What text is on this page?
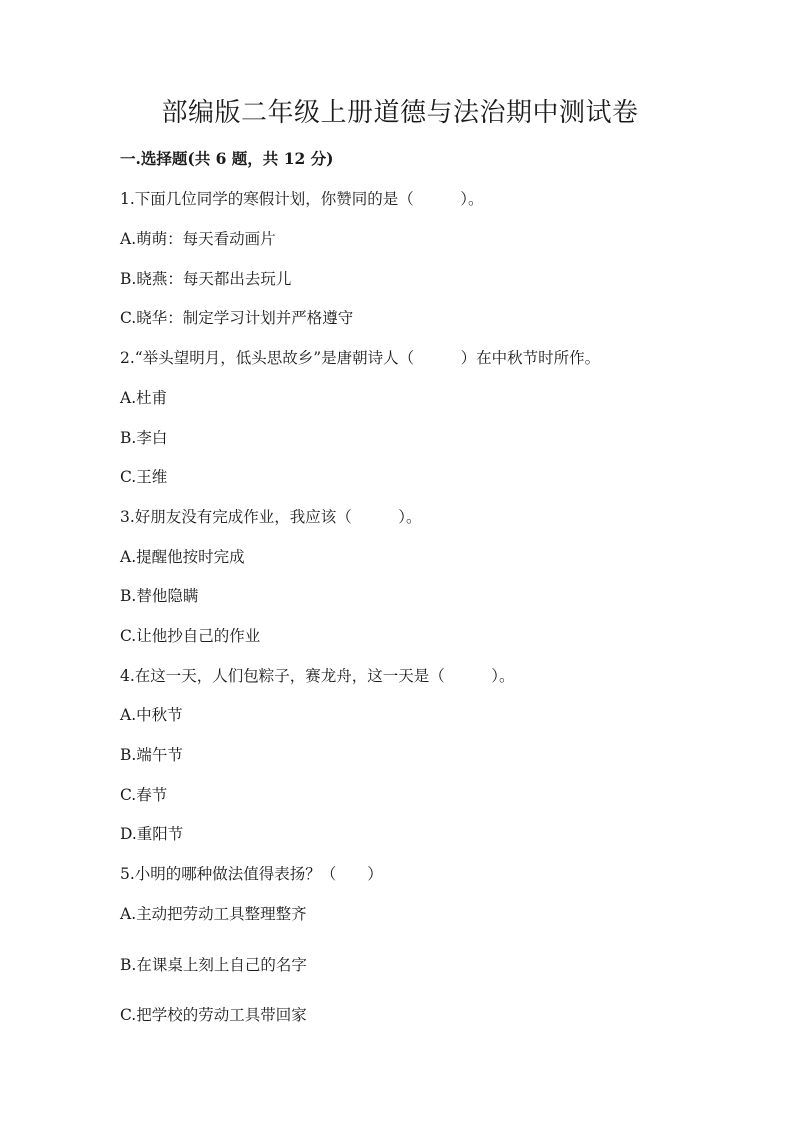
部编版二年级上册道德与法治期中测试卷
一.选择题(共 6 题，共 12 分)
1.下面几位同学的寒假计划，你赞同的是（　　　）。
A.萌萌：每天看动画片
B.晓燕：每天都出去玩儿
C.晓华：制定学习计划并严格遵守
2.“举头望明月，低头思故乡”是唐朝诗人（　　　）在中秋节时所作。
A.杜甫
B.李白
C.王维
3.好朋友没有完成作业，我应该（　　　）。
A.提醒他按时完成
B.替他隐瞒
C.让他抄自己的作业
4.在这一天，人们包粽子，赛龙舟，这一天是（　　　）。
A.中秋节
B.端午节
C.春节
D.重阳节
5.小明的哪种做法值得表扬？（　　）
A.主动把劳动工具整理整齐
B.在课桌上刻上自己的名字
C.把学校的劳动工具带回家
